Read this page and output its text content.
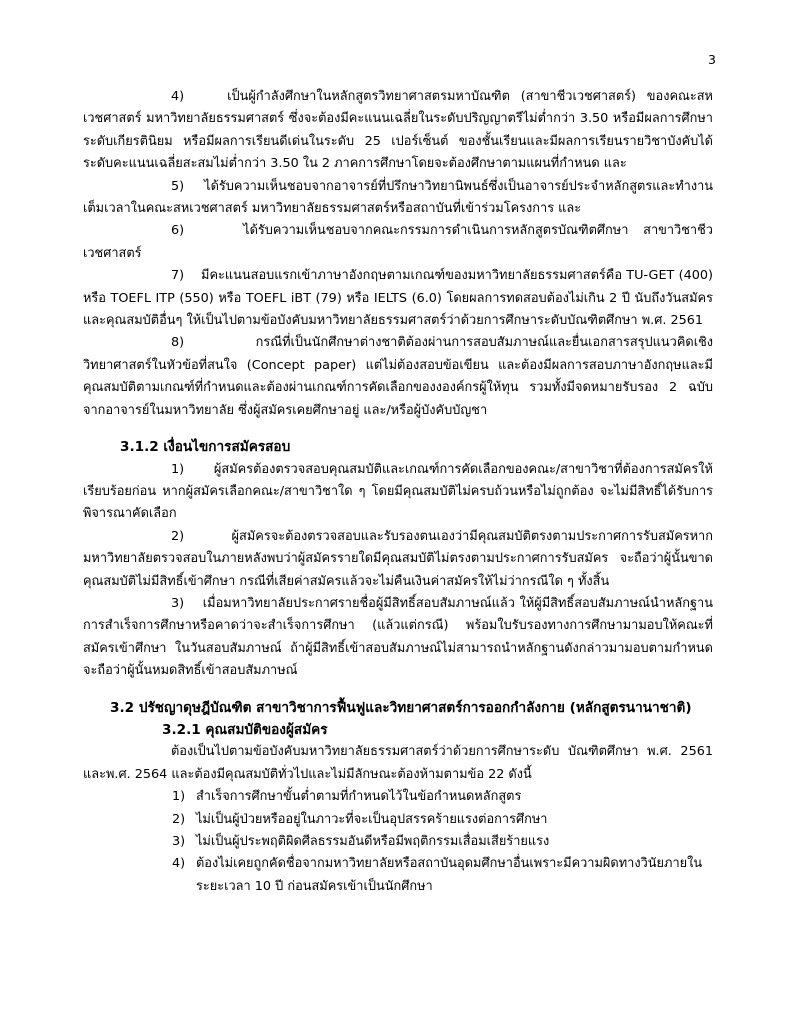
3

4)    เป็นผู้กำลังศึกษาในหลักสูตรวิทยาศาสตรมหาบัณฑิต (สาขาชีวเวชศาสตร์) ของคณะสหเวชศาสตร์ มหาวิทยาลัยธรรมศาสตร์ ซึ่งจะต้องมีคะแนนเฉลี่ยในระดับปริญญาตรีไม่ต่ำกว่า 3.50 หรือมีผลการศึกษาระดับเกียรตินิยม หรือมีผลการเรียนดีเด่นในระดับ 25 เปอร์เซ็นต์ ของชั้นเรียนและมีผลการเรียนรายวิชาบังคับได้ระดับคะแนนเฉลี่ยสะสมไม่ต่ำกว่า 3.50 ใน 2 ภาคการศึกษาโดยจะต้องศึกษาตามแผนที่กำหนด และ

5)    ได้รับความเห็นชอบจากอาจารย์ที่ปรึกษาวิทยานิพนธ์ซึ่งเป็นอาจารย์ประจำหลักสูตรและทำงานเต็มเวลาในคณะสหเวชศาสตร์ มหาวิทยาลัยธรรมศาสตร์หรือสถาบันที่เข้าร่วมโครงการ และ

6)    ได้รับความเห็นชอบจากคณะกรรมการดำเนินการหลักสูตรบัณฑิตศึกษา สาขาวิชาชีวเวชศาสตร์

7)    มีคะแนนสอบแรกเข้าภาษาอังกฤษตามเกณฑ์ของมหาวิทยาลัยธรรมศาสตร์คือ TU-GET (400) หรือ TOEFL ITP (550) หรือ TOEFL iBT (79) หรือ IELTS (6.0) โดยผลการทดสอบต้องไม่เกิน 2 ปี นับถึงวันสมัคร และคุณสมบัติอื่นๆ ให้เป็นไปตามข้อบังคับมหาวิทยาลัยธรรมศาสตร์ว่าด้วยการศึกษาระดับบัณฑิตศึกษา พ.ศ. 2561

8)    กรณีที่เป็นนักศึกษาต่างชาติต้องผ่านการสอบสัมภาษณ์และยื่นเอกสารสรุปแนวคิดเชิงวิทยาศาสตร์ในหัวข้อที่สนใจ (Concept paper) แต่ไม่ต้องสอบข้อเขียน และต้องมีผลการสอบภาษาอังกฤษและมีคุณสมบัติตามเกณฑ์ที่กำหนดและต้องผ่านเกณฑ์การคัดเลือกของงองค์กรผู้ให้ทุน รวมทั้งมีจดหมายรับรอง 2 ฉบับจากอาจารย์ในมหาวิทยาลัย ซึ่งผู้สมัครเคยศึกษาอยู่ และ/หรือผู้บังคับบัญชา

3.1.2 เงื่อนไขการสมัครสอบ

1)    ผู้สมัครต้องตรวจสอบคุณสมบัติและเกณฑ์การคัดเลือกของคณะ/สาขาวิชาที่ต้องการสมัครให้เรียบร้อยก่อน หากผู้สมัครเลือกคณะ/สาขาวิชาใด ๆ โดยมีคุณสมบัติไม่ครบถ้วนหรือไม่ถูกต้อง จะไม่มีสิทธิ์ได้รับการพิจารณาคัดเลือก

2)    ผู้สมัครจะต้องตรวจสอบและรับรองตนเองว่ามีคุณสมบัติตรงตามประกาศการรับสมัครหากมหาวิทยาลัยตรวจสอบในภายหลังพบว่าผู้สมัครรายใดมีคุณสมบัติไม่ตรงตามประกาศการรับสมัคร จะถือว่าผู้นั้นขาดคุณสมบัติไม่มีสิทธิ์เข้าศึกษา กรณีที่เสียค่าสมัครแล้วจะไม่คืนเงินค่าสมัครให้ไม่ว่ากรณีใด ๆ ทั้งสิ้น

3)    เมื่อมหาวิทยาลัยประกาศรายชื่อผู้มีสิทธิ์สอบสัมภาษณ์แล้ว ให้ผู้มีสิทธิ์สอบสัมภาษณ์นำหลักฐานการสำเร็จการศึกษาหรือคาดว่าจะสำเร็จการศึกษา (แล้วแต่กรณี) พร้อมใบรับรองทางการศึกษามามอบให้คณะที่สมัครเข้าศึกษา ในวันสอบสัมภาษณ์ ถ้าผู้มีสิทธิ์เข้าสอบสัมภาษณ์ไม่สามารถนำหลักฐานดังกล่าวมามอบตามกำหนด จะถือว่าผู้นั้นหมดสิทธิ์เข้าสอบสัมภาษณ์

3.2 ปรัชญาดุษฎีบัณฑิต สาขาวิชาการฟื้นฟูและวิทยาศาสตร์การออกกำลังกาย (หลักสูตรนานาชาติ)
3.2.1 คุณสมบัติของผู้สมัคร

ต้องเป็นไปตามข้อบังคับมหาวิทยาลัยธรรมศาสตร์ว่าด้วยการศึกษาระดับ บัณฑิตศึกษา พ.ศ. 2561 และพ.ศ. 2564 และต้องมีคุณสมบัติทั่วไปและไม่มีลักษณะต้องห้ามตามข้อ 22 ดังนี้

1) สำเร็จการศึกษาขั้นต่ำตามที่กำหนดไว้ในข้อกำหนดหลักสูตร
2) ไม่เป็นผู้ป่วยหรืออยู่ในภาวะที่จะเป็นอุปสรรคร้ายแรงต่อการศึกษา
3) ไม่เป็นผู้ประพฤติผิดศีลธรรมอันดีหรือมีพฤติกรรมเสื่อมเสียร้ายแรง
4) ต้องไม่เคยถูกคัดชื่อจากมหาวิทยาลัยหรือสถาบันอุดมศึกษาอื่นเพราะมีความผิดทางวินัยภายในระยะเวลา 10 ปี ก่อนสมัครเข้าเป็นนักศึกษา
